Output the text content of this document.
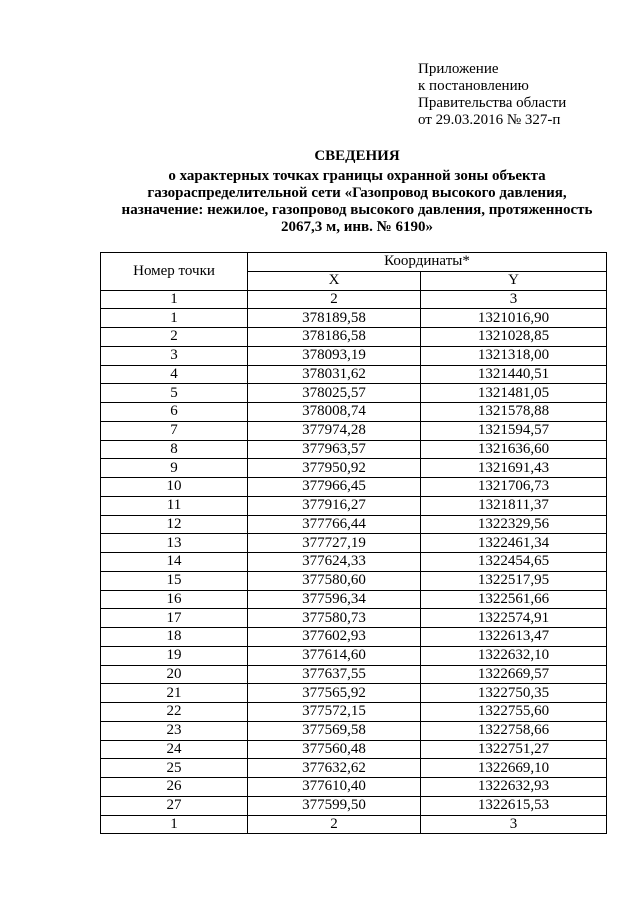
Приложение
к постановлению
Правительства области
от 29.03.2016 № 327-п
СВЕДЕНИЯ
о характерных точках границы охранной зоны объекта
газораспределительной сети «Газопровод высокого давления,
назначение: нежилое, газопровод высокого давления, протяженность
2067,3 м, инв. № 6190»
Номер точки	Координаты*	
	X	Y
1	2	3
1	378189,58	1321016,90
2	378186,58	1321028,85
3	378093,19	1321318,00
4	378031,62	1321440,51
5	378025,57	1321481,05
6	378008,74	1321578,88
7	377974,28	1321594,57
8	377963,57	1321636,60
9	377950,92	1321691,43
10	377966,45	1321706,73
11	377916,27	1321811,37
12	377766,44	1322329,56
13	377727,19	1322461,34
14	377624,33	1322454,65
15	377580,60	1322517,95
16	377596,34	1322561,66
17	377580,73	1322574,91
18	377602,93	1322613,47
19	377614,60	1322632,10
20	377637,55	1322669,57
21	377565,92	1322750,35
22	377572,15	1322755,60
23	377569,58	1322758,66
24	377560,48	1322751,27
25	377632,62	1322669,10
26	377610,40	1322632,93
27	377599,50	1322615,53
1	2	3
